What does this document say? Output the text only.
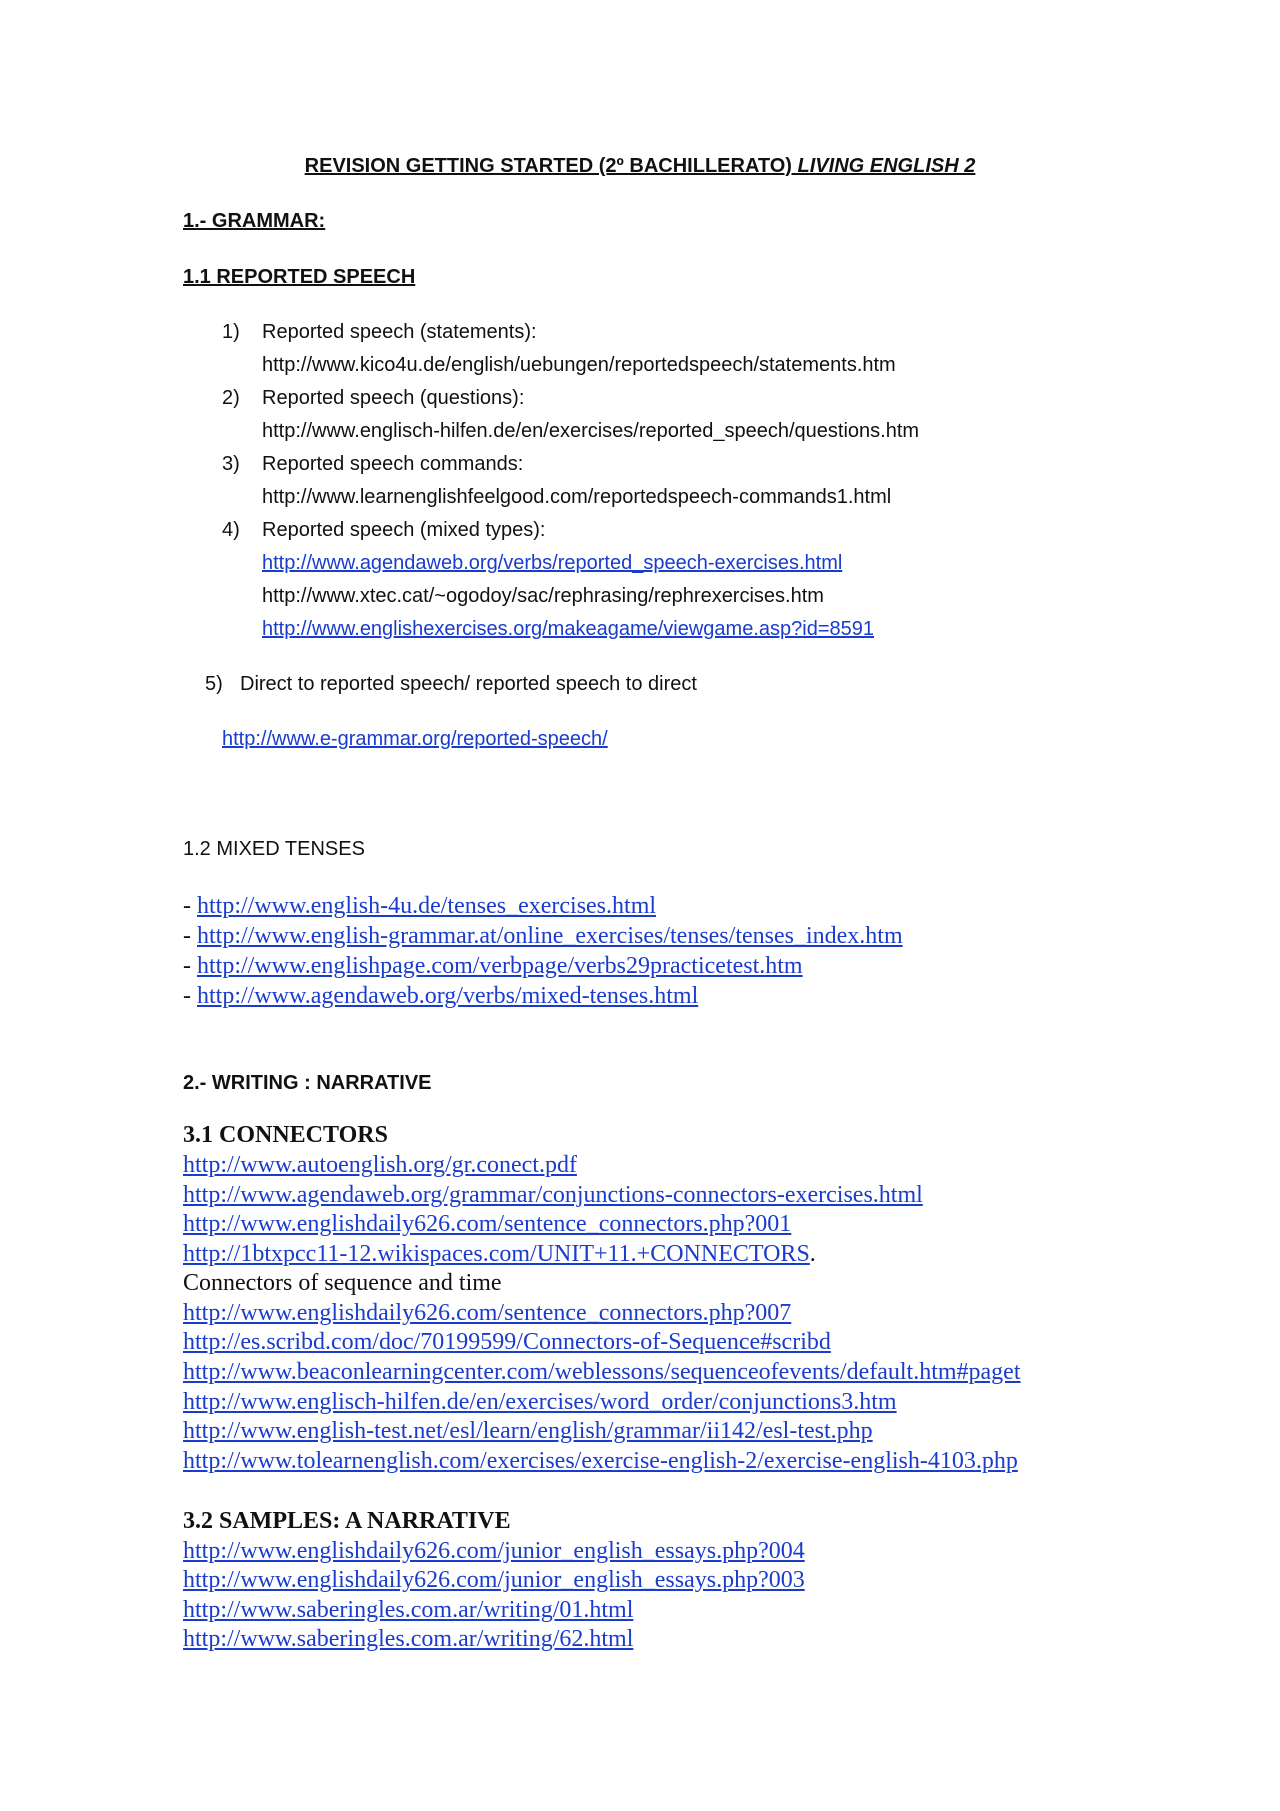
REVISION GETTING STARTED (2º BACHILLERATO) LIVING ENGLISH 2
1.- GRAMMAR:
1.1 REPORTED SPEECH
1) Reported speech (statements):
http://www.kico4u.de/english/uebungen/reportedspeech/statements.htm
2) Reported speech (questions):
http://www.englisch-hilfen.de/en/exercises/reported_speech/questions.htm
3) Reported speech commands:
http://www.learnenglishfeelgood.com/reportedspeech-commands1.html
4) Reported speech (mixed types):
http://www.agendaweb.org/verbs/reported_speech-exercises.html
http://www.xtec.cat/~ogodoy/sac/rephrasing/rephrexercises.htm
http://www.englishexercises.org/makeagame/viewgame.asp?id=8591
5) Direct to reported speech/ reported speech to direct
http://www.e-grammar.org/reported-speech/
1.2 MIXED TENSES
- http://www.english-4u.de/tenses_exercises.html
- http://www.english-grammar.at/online_exercises/tenses/tenses_index.htm
- http://www.englishpage.com/verbpage/verbs29practicetest.htm
- http://www.agendaweb.org/verbs/mixed-tenses.html
2.- WRITING : NARRATIVE
3.1 CONNECTORS
http://www.autoenglish.org/gr.conect.pdf
http://www.agendaweb.org/grammar/conjunctions-connectors-exercises.html
http://www.englishdaily626.com/sentence_connectors.php?001
http://1btxpcc11-12.wikispaces.com/UNIT+11.+CONNECTORS.
Connectors of sequence and time
http://www.englishdaily626.com/sentence_connectors.php?007
http://es.scribd.com/doc/70199599/Connectors-of-Sequence#scribd
http://www.beaconlearningcenter.com/weblessons/sequenceofevents/default.htm#paget
http://www.englisch-hilfen.de/en/exercises/word_order/conjunctions3.htm
http://www.english-test.net/esl/learn/english/grammar/ii142/esl-test.php
http://www.tolearnenglish.com/exercises/exercise-english-2/exercise-english-4103.php
3.2 SAMPLES: A NARRATIVE
http://www.englishdaily626.com/junior_english_essays.php?004
http://www.englishdaily626.com/junior_english_essays.php?003
http://www.saberingles.com.ar/writing/01.html
http://www.saberingles.com.ar/writing/62.html
